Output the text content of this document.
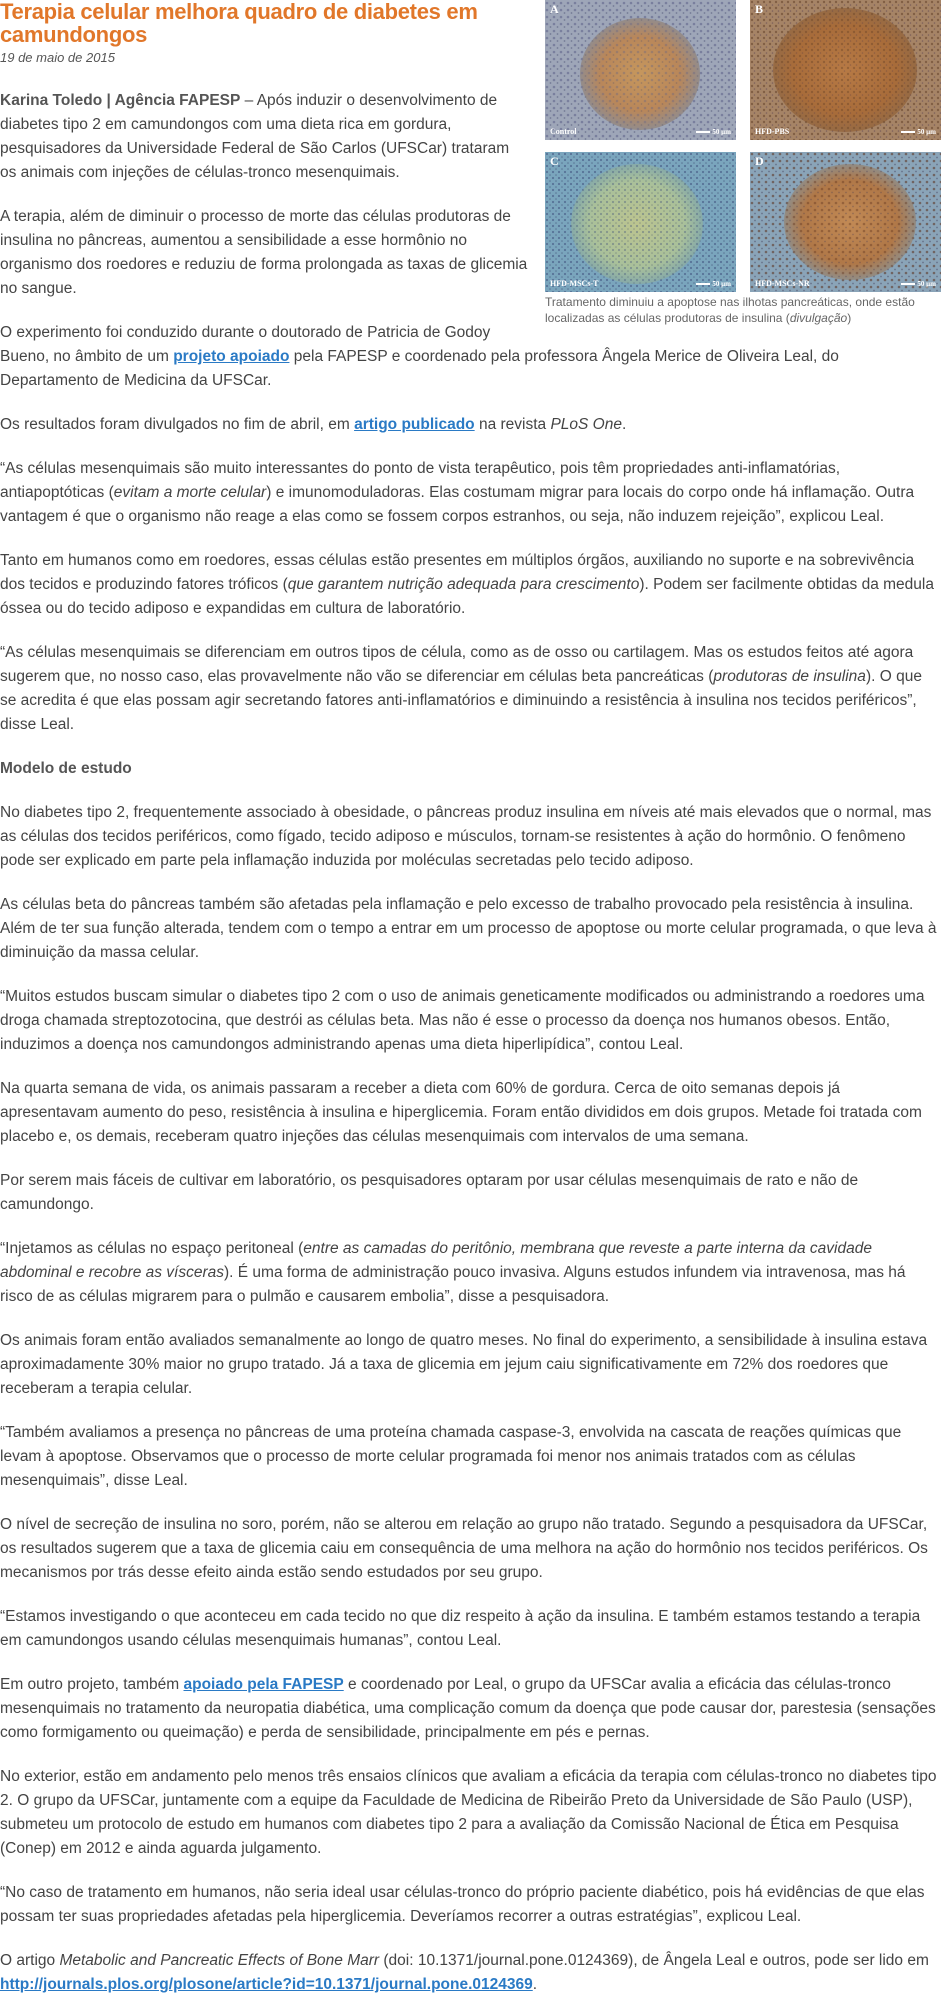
A
Control	50 µm
B
HFD-PBS	50 µm
C
HFD-MSCs-T	50 µm
D
HFD-MSCs-NR	50 µm
Tratamento diminuiu a apoptose nas ilhotas pancreáticas, onde estão localizadas as células produtoras de insulina (divulgação)
Terapia celular melhora quadro de diabetes em camundongos
19 de maio de 2015

Karina Toledo | Agência FAPESP – Após induzir o desenvolvimento de diabetes tipo 2 em camundongos com uma dieta rica em gordura, pesquisadores da Universidade Federal de São Carlos (UFSCar) trataram os animais com injeções de células-tronco mesenquimais.

A terapia, além de diminuir o processo de morte das células produtoras de insulina no pâncreas, aumentou a sensibilidade a esse hormônio no organismo dos roedores e reduziu de forma prolongada as taxas de glicemia no sangue.

O experimento foi conduzido durante o doutorado de Patricia de Godoy Bueno, no âmbito de um projeto apoiado pela FAPESP e coordenado pela professora Ângela Merice de Oliveira Leal, do Departamento de Medicina da UFSCar.

Os resultados foram divulgados no fim de abril, em artigo publicado na revista PLoS One.

“As células mesenquimais são muito interessantes do ponto de vista terapêutico, pois têm propriedades anti-inflamatórias, antiapoptóticas (evitam a morte celular) e imunomoduladoras. Elas costumam migrar para locais do corpo onde há inflamação. Outra vantagem é que o organismo não reage a elas como se fossem corpos estranhos, ou seja, não induzem rejeição”, explicou Leal.

Tanto em humanos como em roedores, essas células estão presentes em múltiplos órgãos, auxiliando no suporte e na sobrevivência dos tecidos e produzindo fatores tróficos (que garantem nutrição adequada para crescimento). Podem ser facilmente obtidas da medula óssea ou do tecido adiposo e expandidas em cultura de laboratório.

“As células mesenquimais se diferenciam em outros tipos de célula, como as de osso ou cartilagem. Mas os estudos feitos até agora sugerem que, no nosso caso, elas provavelmente não vão se diferenciar em células beta pancreáticas (produtoras de insulina). O que se acredita é que elas possam agir secretando fatores anti-inflamatórios e diminuindo a resistência à insulina nos tecidos periféricos”, disse Leal.

Modelo de estudo

No diabetes tipo 2, frequentemente associado à obesidade, o pâncreas produz insulina em níveis até mais elevados que o normal, mas as células dos tecidos periféricos, como fígado, tecido adiposo e músculos, tornam-se resistentes à ação do hormônio. O fenômeno pode ser explicado em parte pela inflamação induzida por moléculas secretadas pelo tecido adiposo.

As células beta do pâncreas também são afetadas pela inflamação e pelo excesso de trabalho provocado pela resistência à insulina. Além de ter sua função alterada, tendem com o tempo a entrar em um processo de apoptose ou morte celular programada, o que leva à diminuição da massa celular.

“Muitos estudos buscam simular o diabetes tipo 2 com o uso de animais geneticamente modificados ou administrando a roedores uma droga chamada streptozotocina, que destrói as células beta. Mas não é esse o processo da doença nos humanos obesos. Então, induzimos a doença nos camundongos administrando apenas uma dieta hiperlipídica”, contou Leal.

Na quarta semana de vida, os animais passaram a receber a dieta com 60% de gordura. Cerca de oito semanas depois já apresentavam aumento do peso, resistência à insulina e hiperglicemia. Foram então divididos em dois grupos. Metade foi tratada com placebo e, os demais, receberam quatro injeções das células mesenquimais com intervalos de uma semana.

Por serem mais fáceis de cultivar em laboratório, os pesquisadores optaram por usar células mesenquimais de rato e não de camundongo.

“Injetamos as células no espaço peritoneal (entre as camadas do peritônio, membrana que reveste a parte interna da cavidade abdominal e recobre as vísceras). É uma forma de administração pouco invasiva. Alguns estudos infundem via intravenosa, mas há risco de as células migrarem para o pulmão e causarem embolia”, disse a pesquisadora.

Os animais foram então avaliados semanalmente ao longo de quatro meses. No final do experimento, a sensibilidade à insulina estava aproximadamente 30% maior no grupo tratado. Já a taxa de glicemia em jejum caiu significativamente em 72% dos roedores que receberam a terapia celular.

“Também avaliamos a presença no pâncreas de uma proteína chamada caspase-3, envolvida na cascata de reações químicas que levam à apoptose. Observamos que o processo de morte celular programada foi menor nos animais tratados com as células mesenquimais”, disse Leal.

O nível de secreção de insulina no soro, porém, não se alterou em relação ao grupo não tratado. Segundo a pesquisadora da UFSCar, os resultados sugerem que a taxa de glicemia caiu em consequência de uma melhora na ação do hormônio nos tecidos periféricos. Os mecanismos por trás desse efeito ainda estão sendo estudados por seu grupo.

“Estamos investigando o que aconteceu em cada tecido no que diz respeito à ação da insulina. E também estamos testando a terapia em camundongos usando células mesenquimais humanas”, contou Leal.

Em outro projeto, também apoiado pela FAPESP e coordenado por Leal, o grupo da UFSCar avalia a eficácia das células-tronco mesenquimais no tratamento da neuropatia diabética, uma complicação comum da doença que pode causar dor, parestesia (sensações como formigamento ou queimação) e perda de sensibilidade, principalmente em pés e pernas.

No exterior, estão em andamento pelo menos três ensaios clínicos que avaliam a eficácia da terapia com células-tronco no diabetes tipo 2. O grupo da UFSCar, juntamente com a equipe da Faculdade de Medicina de Ribeirão Preto da Universidade de São Paulo (USP), submeteu um protocolo de estudo em humanos com diabetes tipo 2 para a avaliação da Comissão Nacional de Ética em Pesquisa (Conep) em 2012 e ainda aguarda julgamento.

“No caso de tratamento em humanos, não seria ideal usar células-tronco do próprio paciente diabético, pois há evidências de que elas possam ter suas propriedades afetadas pela hiperglicemia. Deveríamos recorrer a outras estratégias”, explicou Leal.

O artigo Metabolic and Pancreatic Effects of Bone Marr (doi: 10.1371/journal.pone.0124369), de Ângela Leal e outros, pode ser lido em http://journals.plos.org/plosone/article?id=10.1371/journal.pone.0124369.
